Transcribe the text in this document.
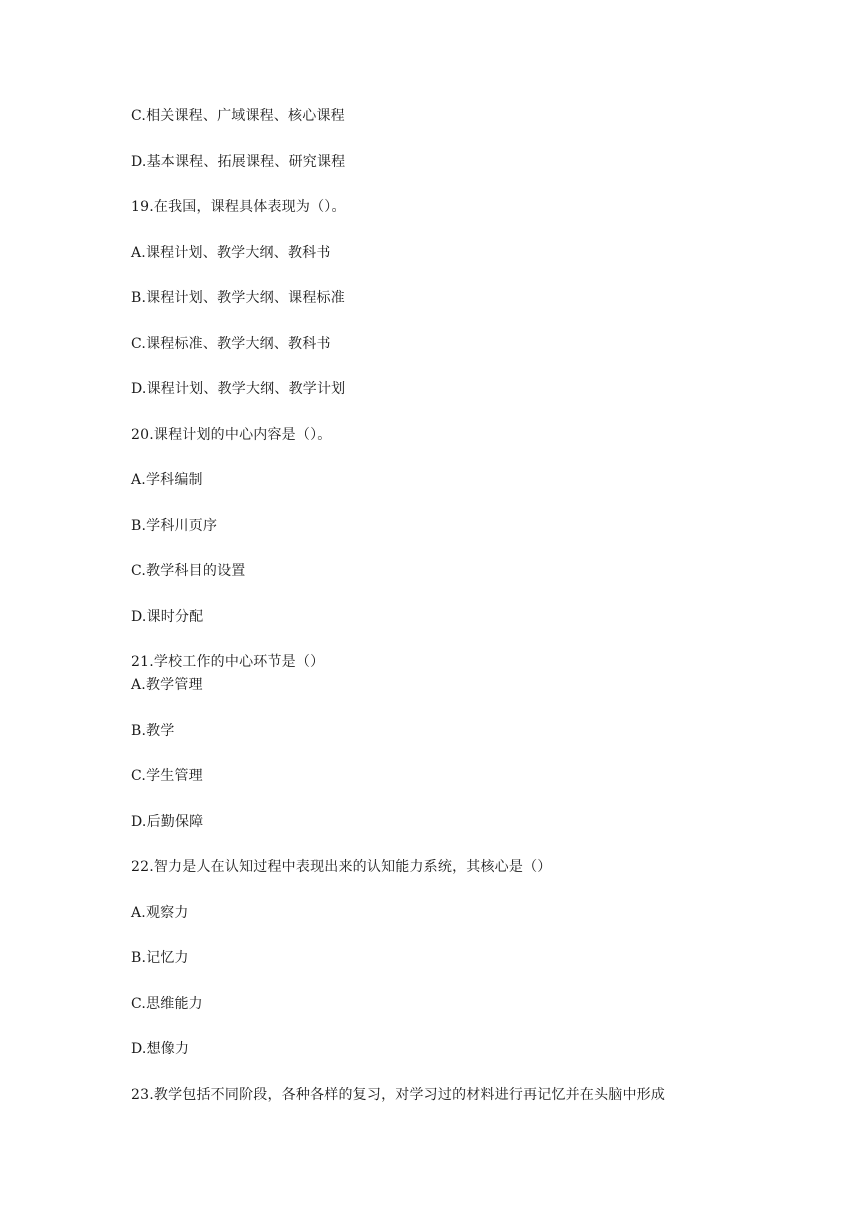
C.相关课程、广域课程、核心课程
D.基本课程、拓展课程、研究课程
19.在我国，课程具体表现为（）。
A.课程计划、教学大纲、教科书
B.课程计划、教学大纲、课程标准
C.课程标准、教学大纲、教科书
D.课程计划、教学大纲、教学计划
20.课程计划的中心内容是（）。
A.学科编制
B.学科川页序
C.教学科目的设置
D.课时分配
21.学校工作的中心环节是（）
A.教学管理
B.教学
C.学生管理
D.后勤保障
22.智力是人在认知过程中表现出来的认知能力系统，其核心是（）
A.观察力
B.记忆力
C.思维能力
D.想像力
23.教学包括不同阶段，各种各样的复习，对学习过的材料进行再记忆并在头脑中形成
